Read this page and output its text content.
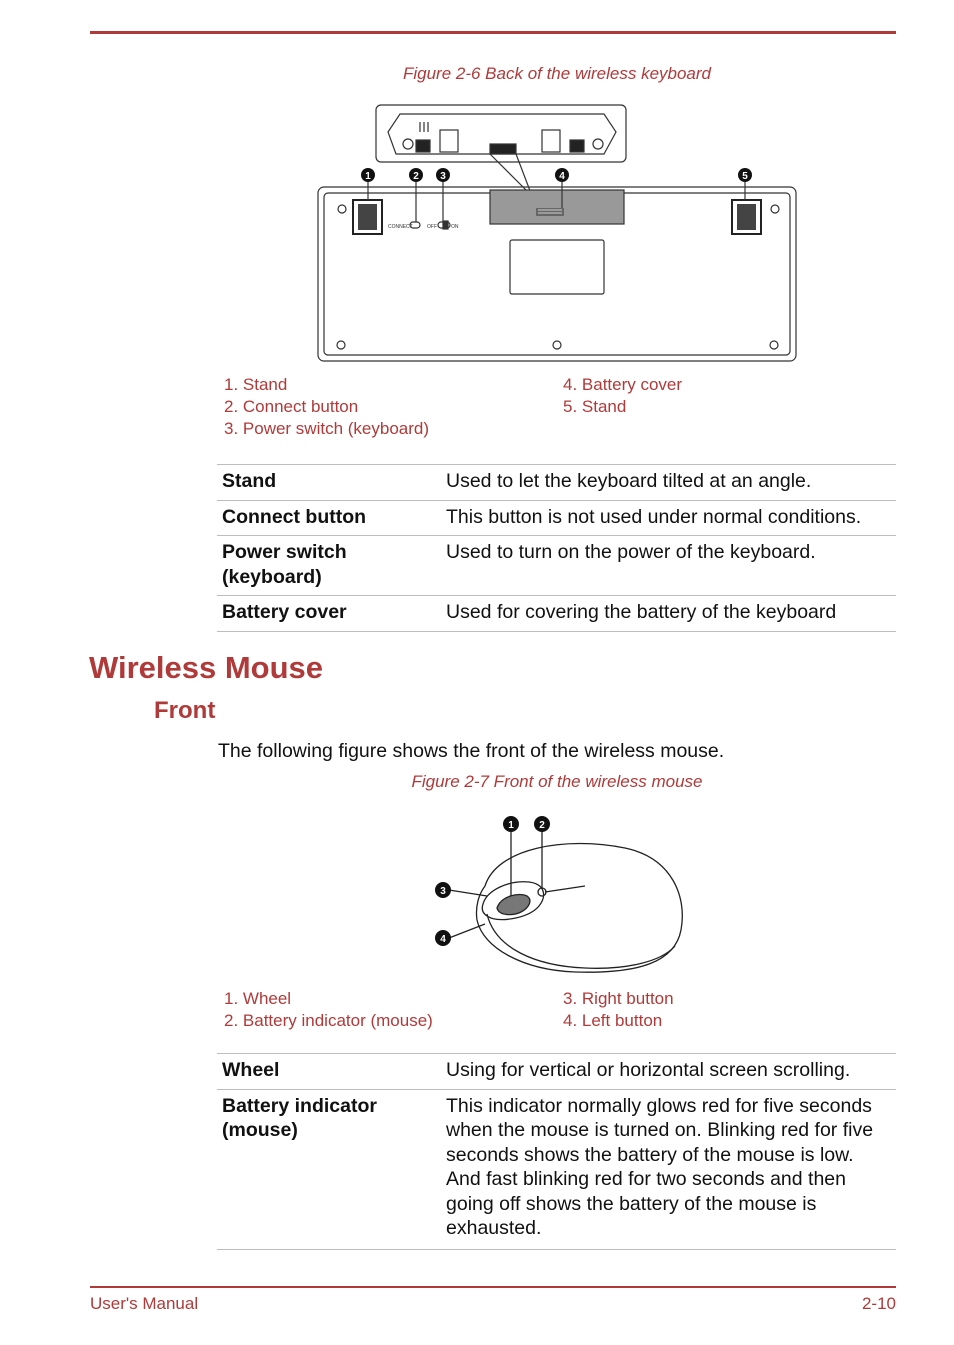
Figure 2-6 Back of the wireless keyboard
CONNECT	OFF	ON
1	2 3	4	5
1. Stand
2. Connect button
3. Power switch (keyboard)
4. Battery cover
5. Stand
Stand	Used to let the keyboard tilted at an angle.
Connect button	This button is not used under normal conditions.
Power switch (keyboard)	Used to turn on the power of the keyboard.
Battery cover	Used for covering the battery of the keyboard
Wireless Mouse
Front
The following figure shows the front of the wireless mouse.
Figure 2-7 Front of the wireless mouse
1	2
3
4
1. Wheel
2. Battery indicator (mouse)
3. Right button
4. Left button
Wheel	Using for vertical or horizontal screen scrolling.
Battery indicator (mouse)	This indicator normally glows red for five seconds when the mouse is turned on. Blinking red for five seconds shows the battery of the mouse is low. And fast blinking red for two seconds and then going off shows the battery of the mouse is exhausted.
User's Manual	2-10
